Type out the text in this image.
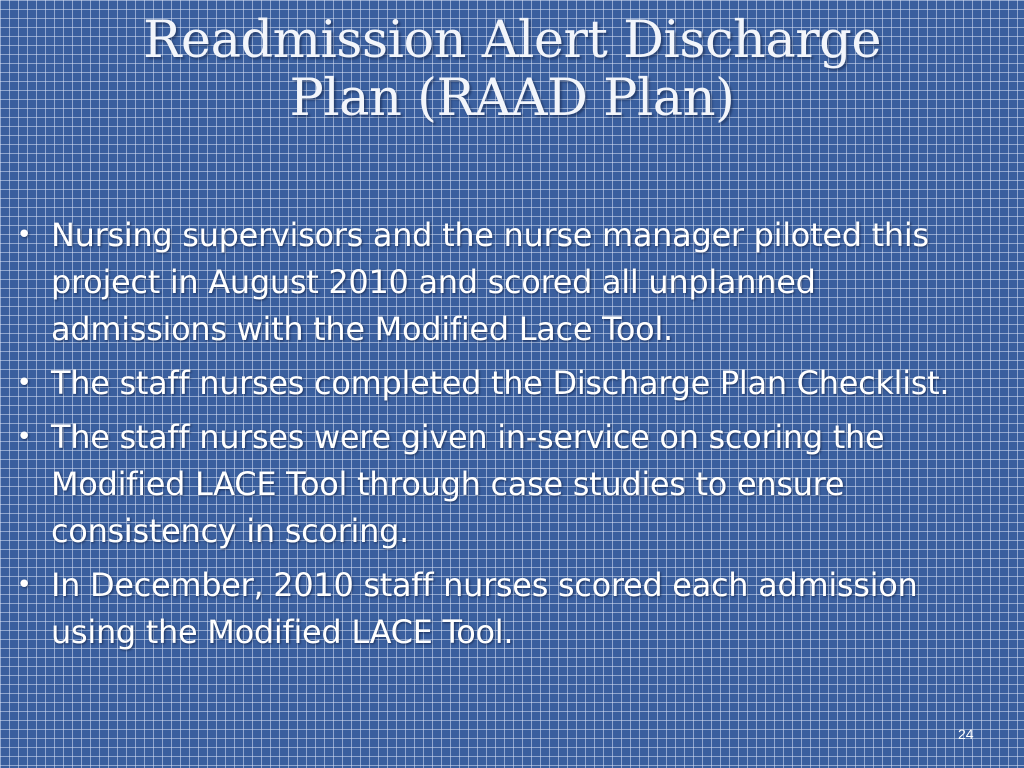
Readmission Alert Discharge
Plan (RAAD Plan)
• Nursing supervisors and the nurse manager piloted this project in August 2010 and scored all unplanned admissions with the Modified Lace Tool.
• The staff nurses completed the Discharge Plan Checklist.
• The staff nurses were given in-service on scoring the Modified LACE Tool through case studies to ensure consistency in scoring.
• In December, 2010 staff nurses scored each admission using the Modified LACE Tool.
24
